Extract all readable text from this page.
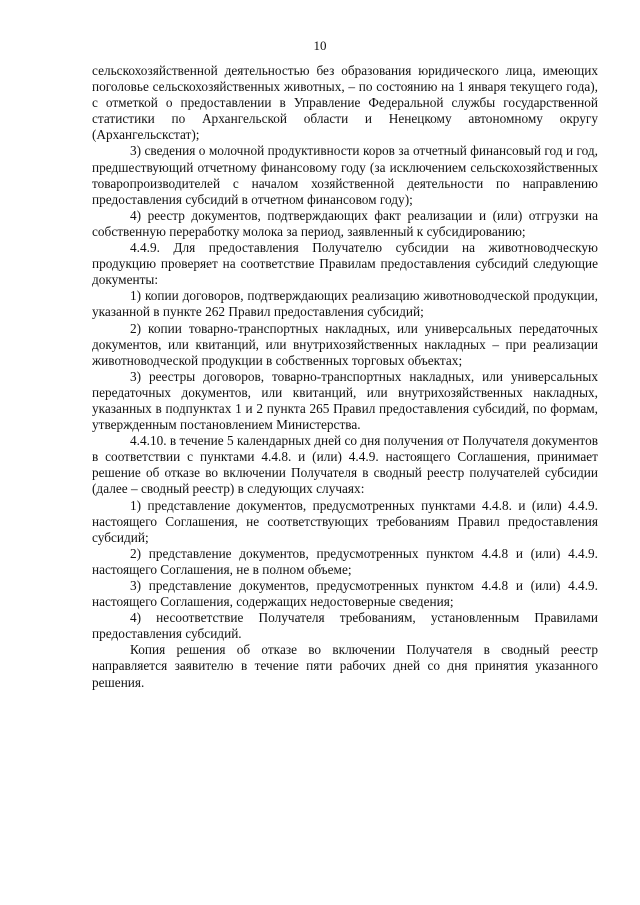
10

сельскохозяйственной деятельностью без образования юридического лица, имеющих поголовье сельскохозяйственных животных, – по состоянию на 1 января текущего года), с отметкой о предоставлении в Управление Федеральной службы государственной статистики по Архангельской области и Ненецкому автономному округу (Архангельскстат);

3) сведения о молочной продуктивности коров за отчетный финансовый год и год, предшествующий отчетному финансовому году (за исключением сельскохозяйственных товаропроизводителей с началом хозяйственной деятельности по направлению предоставления субсидий в отчетном финансовом году);

4) реестр документов, подтверждающих факт реализации и (или) отгрузки на собственную переработку молока за период, заявленный к субсидированию;

4.4.9. Для предоставления Получателю субсидии на животноводческую продукцию проверяет на соответствие Правилам предоставления субсидий следующие документы:

1) копии договоров, подтверждающих реализацию животноводческой продукции, указанной в пункте 262 Правил предоставления субсидий;

2) копии товарно-транспортных накладных, или универсальных передаточных документов, или квитанций, или внутрихозяйственных накладных – при реализации животноводческой продукции в собственных торговых объектах;

3) реестры договоров, товарно-транспортных накладных, или универсальных передаточных документов, или квитанций, или внутрихозяйственных накладных, указанных в подпунктах 1 и 2 пункта 265 Правил предоставления субсидий, по формам, утвержденным постановлением Министерства.

4.4.10. в течение 5 календарных дней со дня получения от Получателя документов в соответствии с пунктами 4.4.8. и (или) 4.4.9. настоящего Соглашения, принимает решение об отказе во включении Получателя в сводный реестр получателей субсидии (далее – сводный реестр) в следующих случаях:

1) представление документов, предусмотренных пунктами 4.4.8. и (или) 4.4.9. настоящего Соглашения, не соответствующих требованиям Правил предоставления субсидий;

2) представление документов, предусмотренных пунктом 4.4.8 и (или) 4.4.9. настоящего Соглашения, не в полном объеме;

3) представление документов, предусмотренных пунктом 4.4.8 и (или) 4.4.9. настоящего Соглашения, содержащих недостоверные сведения;

4) несоответствие Получателя требованиям, установленным Правилами предоставления субсидий.

Копия решения об отказе во включении Получателя в сводный реестр направляется заявителю в течение пяти рабочих дней со дня принятия указанного решения.
